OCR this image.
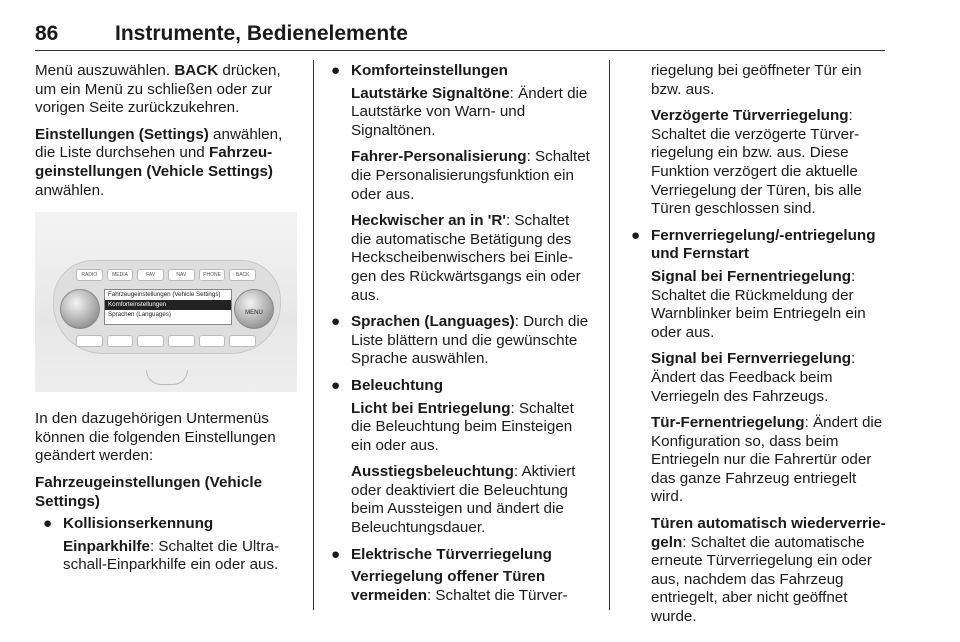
86	Instrumente, Bedienelemente

Menü auszuwählen. BACK drücken, um ein Menü zu schließen oder zur vorigen Seite zurückzukehren.

Einstellungen (Settings) anwählen, die Liste durchsehen und Fahrzeugeinstellungen (Vehicle Settings) anwählen.

RADIO	MEDIA	FAV	NAV	PHONE	BACK
Fahrzeugeinstellungen (Vehicle Settings)
Komforteinstellungen
Sprachen (Languages)	MENU

In den dazugehörigen Untermenüs können die folgenden Einstellungen geändert werden:

Fahrzeugeinstellungen (Vehicle Settings)

● Kollisionserkennung

Einparkhilfe: Schaltet die Ultraschall-Einparkhilfe ein oder aus.

● Komforteinstellungen

Lautstärke Signaltöne: Ändert die Lautstärke von Warn- und Signaltönen.

Fahrer-Personalisierung: Schaltet die Personalisierungsfunktion ein oder aus.

Heckwischer an in 'R': Schaltet die automatische Betätigung des Heckscheibenwischers bei Einlegen des Rückwärtsgangs ein oder aus.

● Sprachen (Languages): Durch die Liste blättern und die gewünschte Sprache auswählen.
● Beleuchtung

Licht bei Entriegelung: Schaltet die Beleuchtung beim Einsteigen ein oder aus.

Ausstiegsbeleuchtung: Aktiviert oder deaktiviert die Beleuchtung beim Aussteigen und ändert die Beleuchtungsdauer.

● Elektrische Türverriegelung

Verriegelung offener Türen vermeiden: Schaltet die Türver-

riegelung bei geöffneter Tür ein bzw. aus.

Verzögerte Türverriegelung: Schaltet die verzögerte Türverriegelung ein bzw. aus. Diese Funktion verzögert die aktuelle Verriegelung der Türen, bis alle Türen geschlossen sind.

● Fernverriegelung/-entriegelung und Fernstart

Signal bei Fernentriegelung: Schaltet die Rückmeldung der Warnblinker beim Entriegeln ein oder aus.

Signal bei Fernverriegelung: Ändert das Feedback beim Verriegeln des Fahrzeugs.

Tür-Fernentriegelung: Ändert die Konfiguration so, dass beim Entriegeln nur die Fahrertür oder das ganze Fahrzeug entriegelt wird.

Türen automatisch wiederverriegeln: Schaltet die automatische erneute Türverriegelung ein oder aus, nachdem das Fahrzeug entriegelt, aber nicht geöffnet wurde.
